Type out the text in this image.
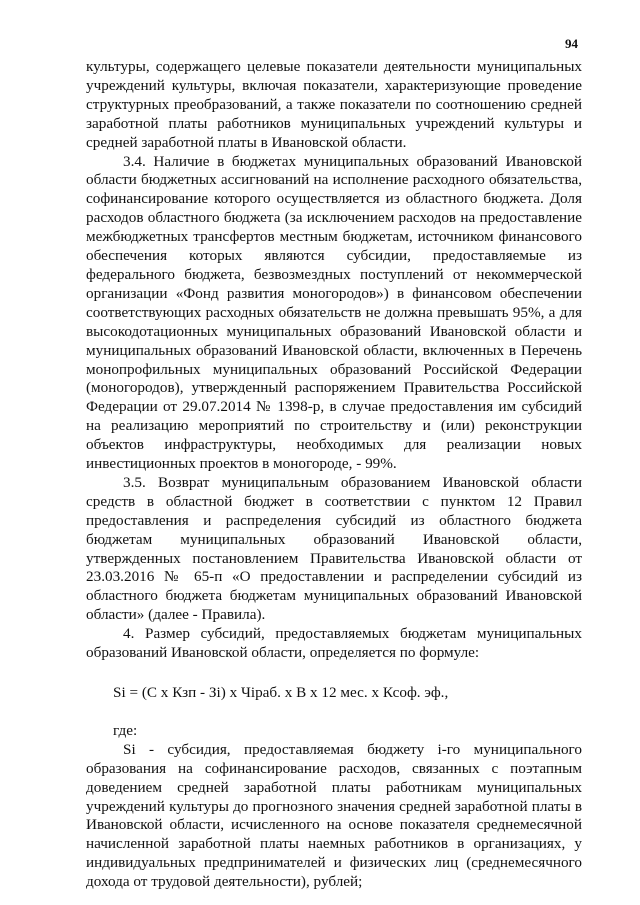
94

культуры, содержащего целевые показатели деятельности муниципальных учреждений культуры, включая показатели, характеризующие проведение структурных преобразований, а также показатели по соотношению средней заработной платы работников муниципальных учреждений культуры и средней заработной платы в Ивановской области.

3.4. Наличие в бюджетах муниципальных образований Ивановской области бюджетных ассигнований на исполнение расходного обязательства, софинансирование которого осуществляется из областного бюджета. Доля расходов областного бюджета (за исключением расходов на предоставление межбюджетных трансфертов местным бюджетам, источником финансового обеспечения которых являются субсидии, предоставляемые из федерального бюджета, безвозмездных поступлений от некоммерческой организации «Фонд развития моногородов») в финансовом обеспечении соответствующих расходных обязательств не должна превышать 95%, а для высокодотационных муниципальных образований Ивановской области и муниципальных образований Ивановской области, включенных в Перечень монопрофильных муниципальных образований Российской Федерации (моногородов), утвержденный распоряжением Правительства Российской Федерации от 29.07.2014 № 1398-р, в случае предоставления им субсидий на реализацию мероприятий по строительству и (или) реконструкции объектов инфраструктуры, необходимых для реализации новых инвестиционных проектов в моногороде, - 99%.

3.5. Возврат муниципальным образованием Ивановской области средств в областной бюджет в соответствии с пунктом 12 Правил предоставления и распределения субсидий из областного бюджета бюджетам муниципальных образований Ивановской области, утвержденных постановлением Правительства Ивановской области от 23.03.2016 № 65-п «О предоставлении и распределении субсидий из областного бюджета бюджетам муниципальных образований Ивановской области» (далее - Правила).

4. Размер субсидий, предоставляемых бюджетам муниципальных образований Ивановской области, определяется по формуле:

Si = (C x Кзп - Зi) x Чiраб. x В x 12 мес. x Ксоф. эф.,

где:

Si - субсидия, предоставляемая бюджету i-го муниципального образования на софинансирование расходов, связанных с поэтапным доведением средней заработной платы работникам муниципальных учреждений культуры до прогнозного значения средней заработной платы в Ивановской области, исчисленного на основе показателя среднемесячной начисленной заработной платы наемных работников в организациях, у индивидуальных предпринимателей и физических лиц (среднемесячного дохода от трудовой деятельности), рублей;
